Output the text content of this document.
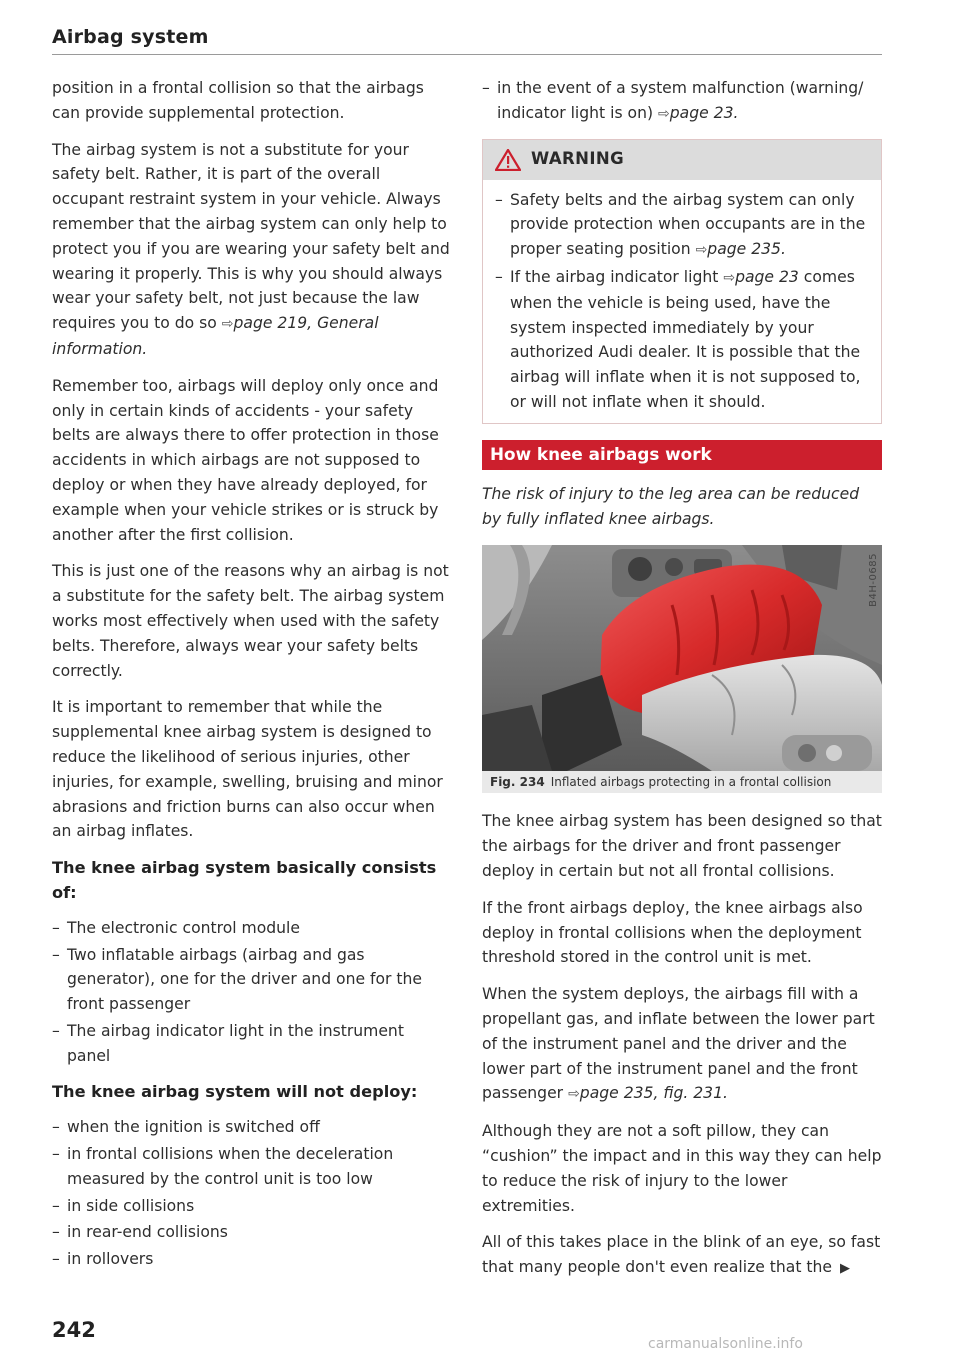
Airbag system

position in a frontal collision so that the airbags can provide supplemental protection.

The airbag system is not a substitute for your safety belt. Rather, it is part of the overall occupant restraint system in your vehicle. Always remember that the airbag system can only help to protect you if you are wearing your safety belt and wearing it properly. This is why you should always wear your safety belt, not just because the law requires you to do so ⇨page 219, General information.

Remember too, airbags will deploy only once and only in certain kinds of accidents - your safety belts are always there to offer protection in those accidents in which airbags are not supposed to deploy or when they have already deployed, for example when your vehicle strikes or is struck by another after the first collision.

This is just one of the reasons why an airbag is not a substitute for the safety belt. The airbag system works most effectively when used with the safety belts. Therefore, always wear your safety belts correctly.

It is important to remember that while the supplemental knee airbag system is designed to reduce the likelihood of serious injuries, other injuries, for example, swelling, bruising and minor abrasions and friction burns can also occur when an airbag inflates.

The knee airbag system basically consists of:
– The electronic control module
– Two inflatable airbags (airbag and gas generator), one for the driver and one for the front passenger
– The airbag indicator light in the instrument panel
The knee airbag system will not deploy:
– when the ignition is switched off
– in frontal collisions when the deceleration measured by the control unit is too low
– in side collisions
– in rear-end collisions
– in rollovers
– in the event of a system malfunction (warning/ indicator light is on) ⇨page 23.
WARNING
– Safety belts and the airbag system can only provide protection when occupants are in the proper seating position ⇨page 235.
– If the airbag indicator light ⇨page 23 comes when the vehicle is being used, have the system inspected immediately by your authorized Audi dealer. It is possible that the airbag will inflate when it is not supposed to, or will not inflate when it should.
How knee airbags work

The risk of injury to the leg area can be reduced by fully inflated knee airbags.

B4H-0685
Fig. 234 Inflated airbags protecting in a frontal collision

The knee airbag system has been designed so that the airbags for the driver and front passenger deploy in certain but not all frontal collisions.

If the front airbags deploy, the knee airbags also deploy in frontal collisions when the deployment threshold stored in the control unit is met.

When the system deploys, the airbags fill with a propellant gas, and inflate between the lower part of the instrument panel and the driver and the lower part of the instrument panel and the front passenger ⇨page 235, fig. 231.

Although they are not a soft pillow, they can “cushion” the impact and in this way they can help to reduce the risk of injury to the lower extremities.

All of this takes place in the blink of an eye, so fast that many people don't even realize that the ▶

242
carmanualsonline.info
